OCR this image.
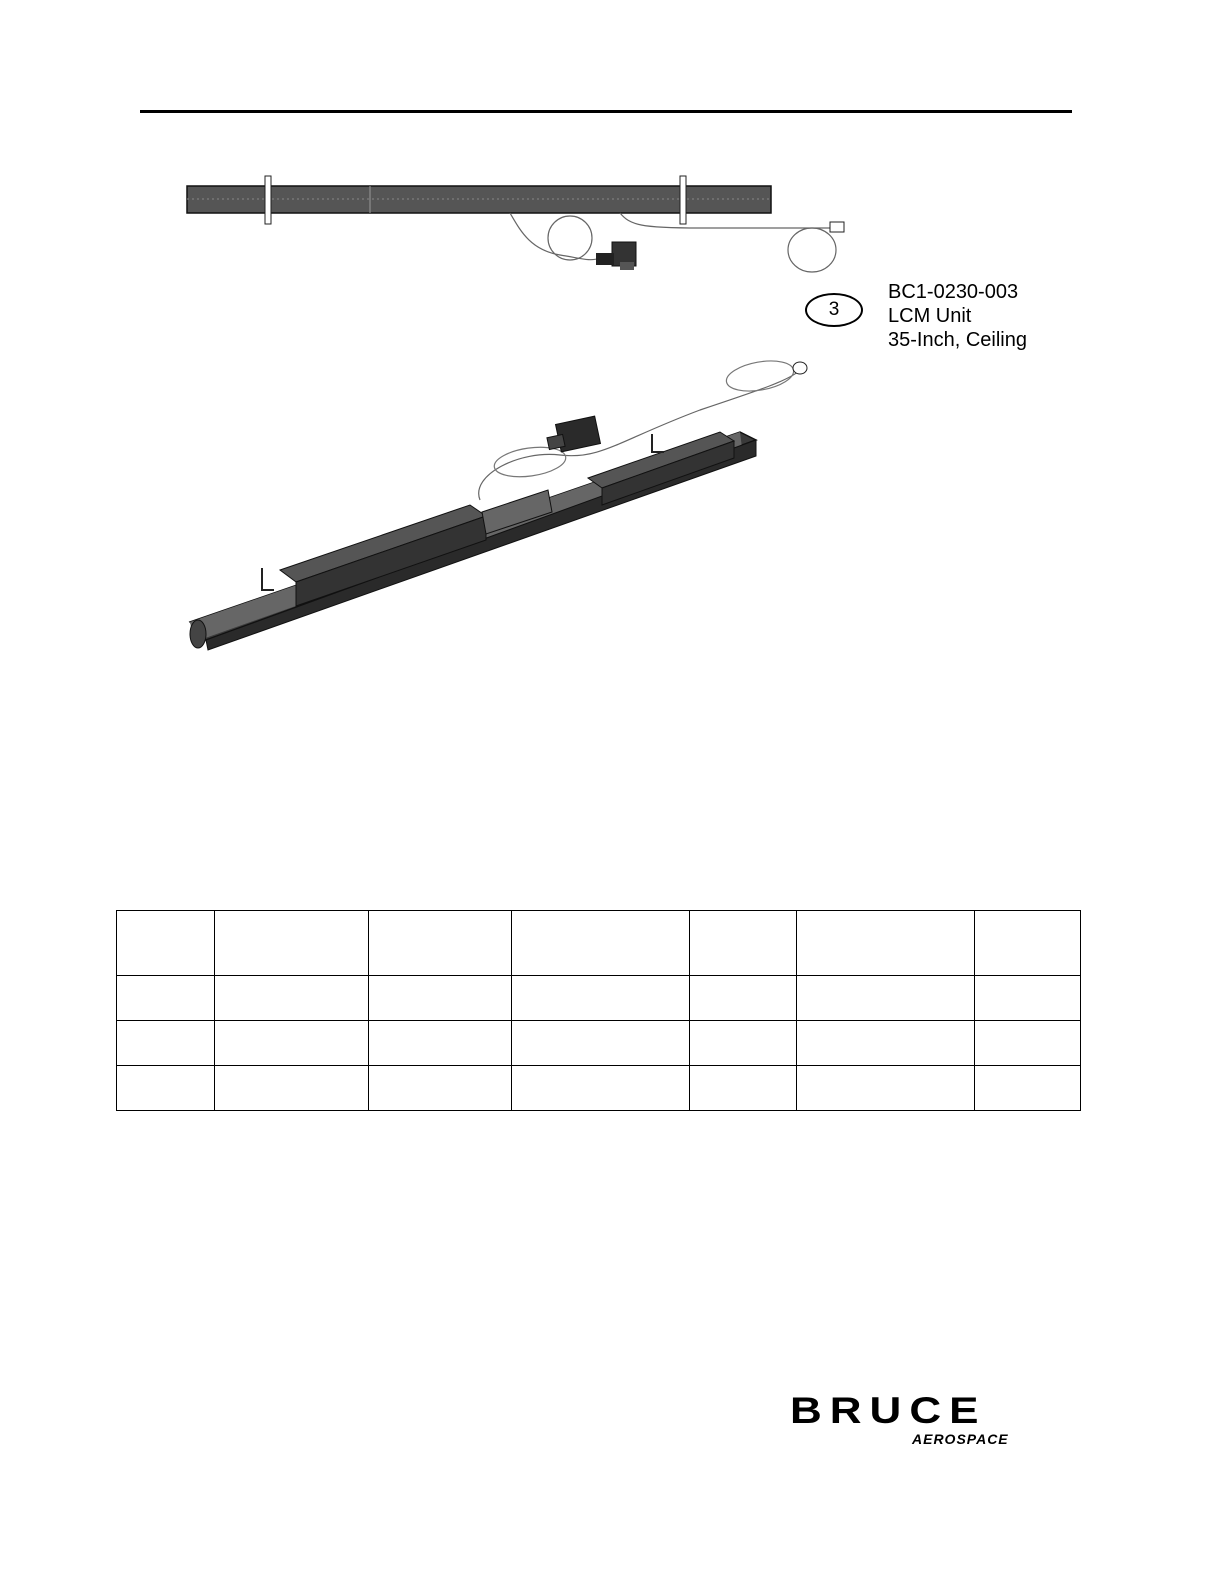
3
BC1-0230-003
LCM Unit
35-Inch, Ceiling

BRUCE
AEROSPACE
